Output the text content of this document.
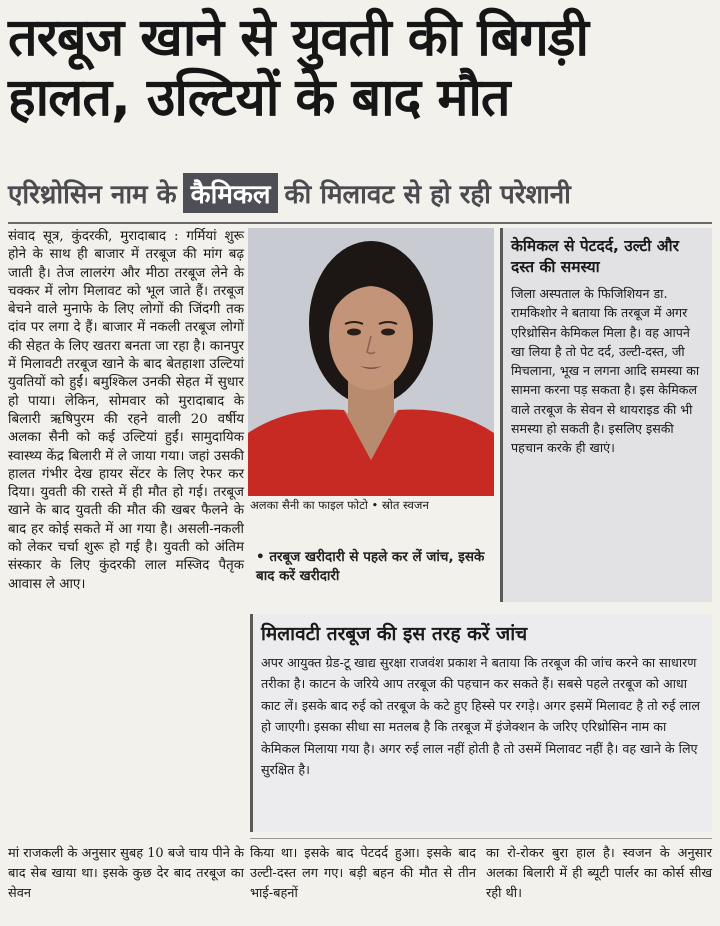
तरबूज खाने से युवती की बिगड़ी
हालत, उल्टियों के बाद मौत
एरिथ्रोसिन नाम के कैमिकल की मिलावट से हो रही परेशानी

संवाद सूत्र, कुंदरकी, मुरादाबाद : गर्मियां शुरू होने के साथ ही बाजार में तरबूज की मांग बढ़ जाती है। तेज लालरंग और मीठा तरबूज लेने के चक्कर में लोग मिलावट को भूल जाते हैं। तरबूज बेचने वाले मुनाफे के लिए लोगों की जिंदगी तक दांव पर लगा दे हैं। बाजार में नकली तरबूज लोगों की सेहत के लिए खतरा बनता जा रहा है। कानपुर में मिलावटी तरबूज खाने के बाद बेतहाशा उल्टियां युवतियों को हुईं। बमुश्किल उनकी सेहत में सुधार हो पाया। लेकिन, सोमवार को मुरादाबाद के बिलारी ऋषिपुरम की रहने वाली 20 वर्षीय अलका सैनी को कई उल्टियां हुईं। सामुदायिक स्वास्थ्य केंद्र बिलारी में ले जाया गया। जहां उसकी हालत गंभीर देख हायर सेंटर के लिए रेफर कर दिया। युवती की रास्ते में ही मौत हो गई। तरबूज खाने के बाद युवती की मौत की खबर फैलने के बाद हर कोई सकते में आ गया है। असली-नकली को लेकर चर्चा शुरू हो गई है। युवती को अंतिम संस्कार के लिए कुंदरकी लाल मस्जिद पैतृक आवास ले आए।

अलका सैनी का फाइल फोटो • स्रोत स्वजन
• तरबूज खरीदारी से पहले कर लें जांच, इसके बाद करें खरीदारी
केमिकल से पेटदर्द, उल्टी और दस्त की समस्या
जिला अस्पताल के फिजिशियन डा. रामकिशोर ने बताया कि तरबूज में अगर एरिथ्रोसिन केमिकल मिला है। वह आपने खा लिया है तो पेट दर्द, उल्टी-दस्त, जी मिचलाना, भूख न लगना आदि समस्या का सामना करना पड़ सकता है। इस केमिकल वाले तरबूज के सेवन से थायराइड की भी समस्या हो सकती है। इसलिए इसकी पहचान करके ही खाएं।
मिलावटी तरबूज की इस तरह करें जांच
अपर आयुक्त ग्रेड-टू खाद्य सुरक्षा राजवंश प्रकाश ने बताया कि तरबूज की जांच करने का साधारण तरीका है। काटन के जरिये आप तरबूज की पहचान कर सकते हैं। सबसे पहले तरबूज को आधा काट लें। इसके बाद रुई को तरबूज के कटे हुए हिस्से पर रगड़े। अगर इसमें मिलावट है तो रुई लाल हो जाएगी। इसका सीधा सा मतलब है कि तरबूज में इंजेक्शन के जरिए एरिथ्रोसिन नाम का केमिकल मिलाया गया है। अगर रुई लाल नहीं होती है तो उसमें मिलावट नहीं है। वह खाने के लिए सुरक्षित है।
मां राजकली के अनुसार सुबह 10 बजे चाय पीने के बाद सेब खाया था। इसके कुछ देर बाद तरबूज का सेवन
किया था। इसके बाद पेटदर्द हुआ। इसके बाद उल्टी-दस्त लग गए। बड़ी बहन की मौत से तीन भाई-बहनों
का रो-रोकर बुरा हाल है। स्वजन के अनुसार अलका बिलारी में ही ब्यूटी पार्लर का कोर्स सीख रही थी।
